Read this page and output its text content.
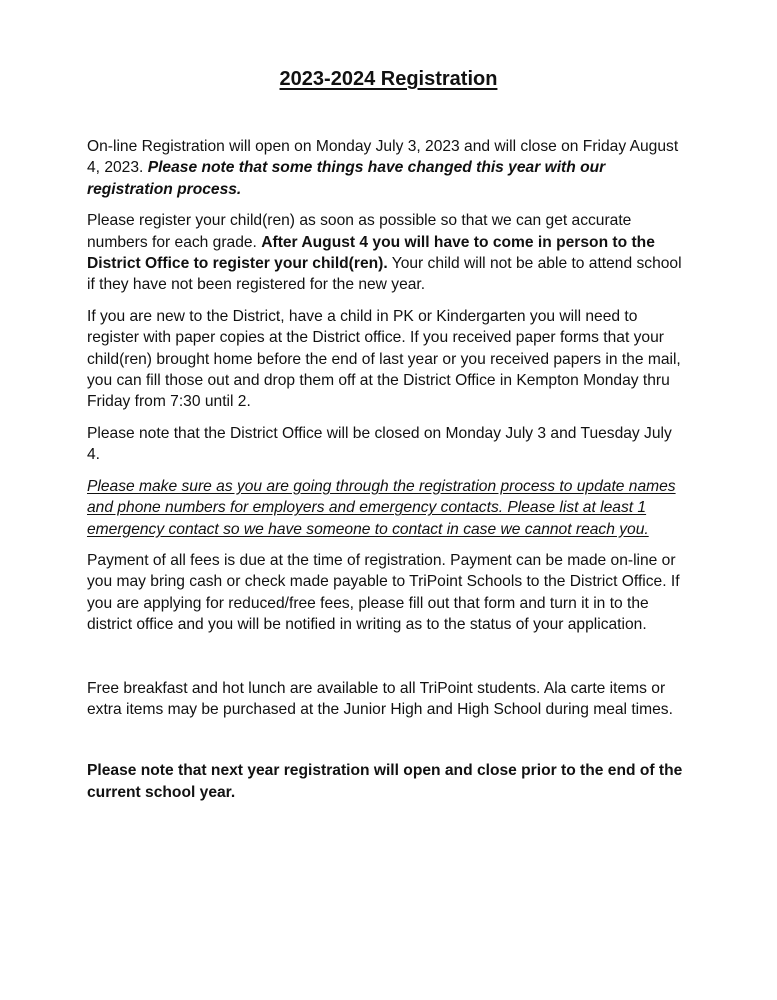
2023-2024 Registration

On-line Registration will open on Monday July 3, 2023 and will close on Friday August 4, 2023. Please note that some things have changed this year with our registration process.

Please register your child(ren) as soon as possible so that we can get accurate numbers for each grade. After August 4 you will have to come in person to the District Office to register your child(ren). Your child will not be able to attend school if they have not been registered for the new year.

If you are new to the District, have a child in PK or Kindergarten you will need to register with paper copies at the District office. If you received paper forms that your child(ren) brought home before the end of last year or you received papers in the mail, you can fill those out and drop them off at the District Office in Kempton Monday thru Friday from 7:30 until 2.

Please note that the District Office will be closed on Monday July 3 and Tuesday July 4.

Please make sure as you are going through the registration process to update names and phone numbers for employers and emergency contacts. Please list at least 1 emergency contact so we have someone to contact in case we cannot reach you.

Payment of all fees is due at the time of registration. Payment can be made on-line or you may bring cash or check made payable to TriPoint Schools to the District Office. If you are applying for reduced/free fees, please fill out that form and turn it in to the district office and you will be notified in writing as to the status of your application.

Free breakfast and hot lunch are available to all TriPoint students. Ala carte items or extra items may be purchased at the Junior High and High School during meal times.

Please note that next year registration will open and close prior to the end of the current school year.
